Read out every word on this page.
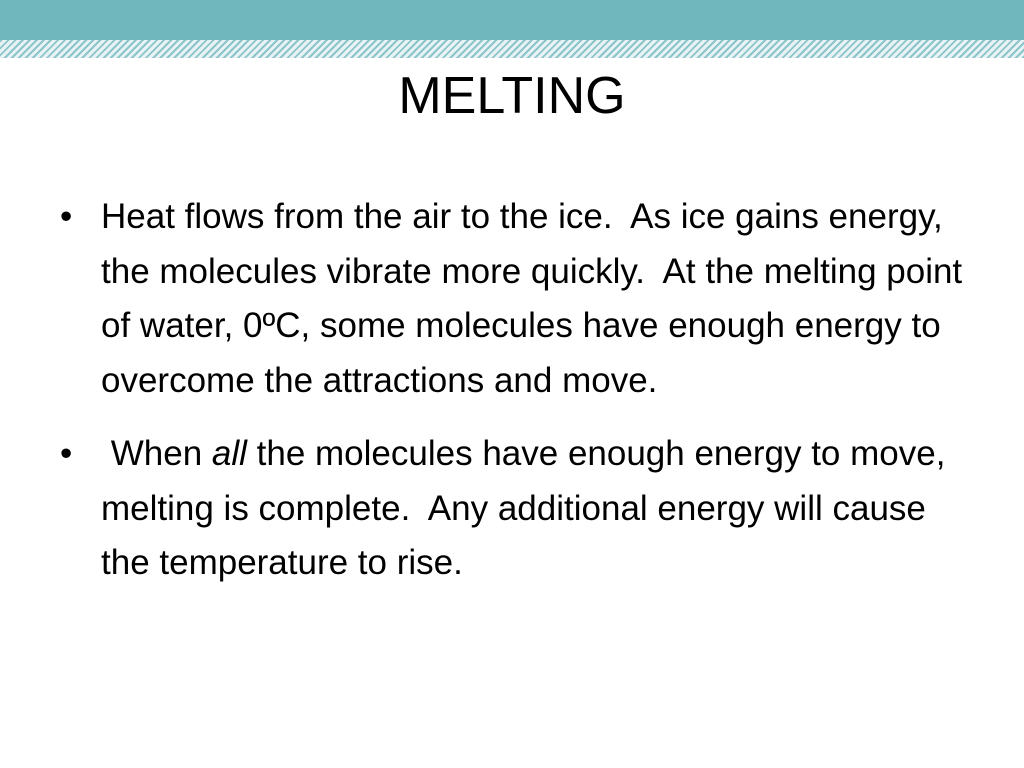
MELTING
• Heat flows from the air to the ice.  As ice gains energy, the molecules vibrate more quickly.  At the melting point of water, 0ºC, some molecules have enough energy to overcome the attractions and move.
• When all the molecules have enough energy to move, melting is complete.  Any additional energy will cause the temperature to rise.
